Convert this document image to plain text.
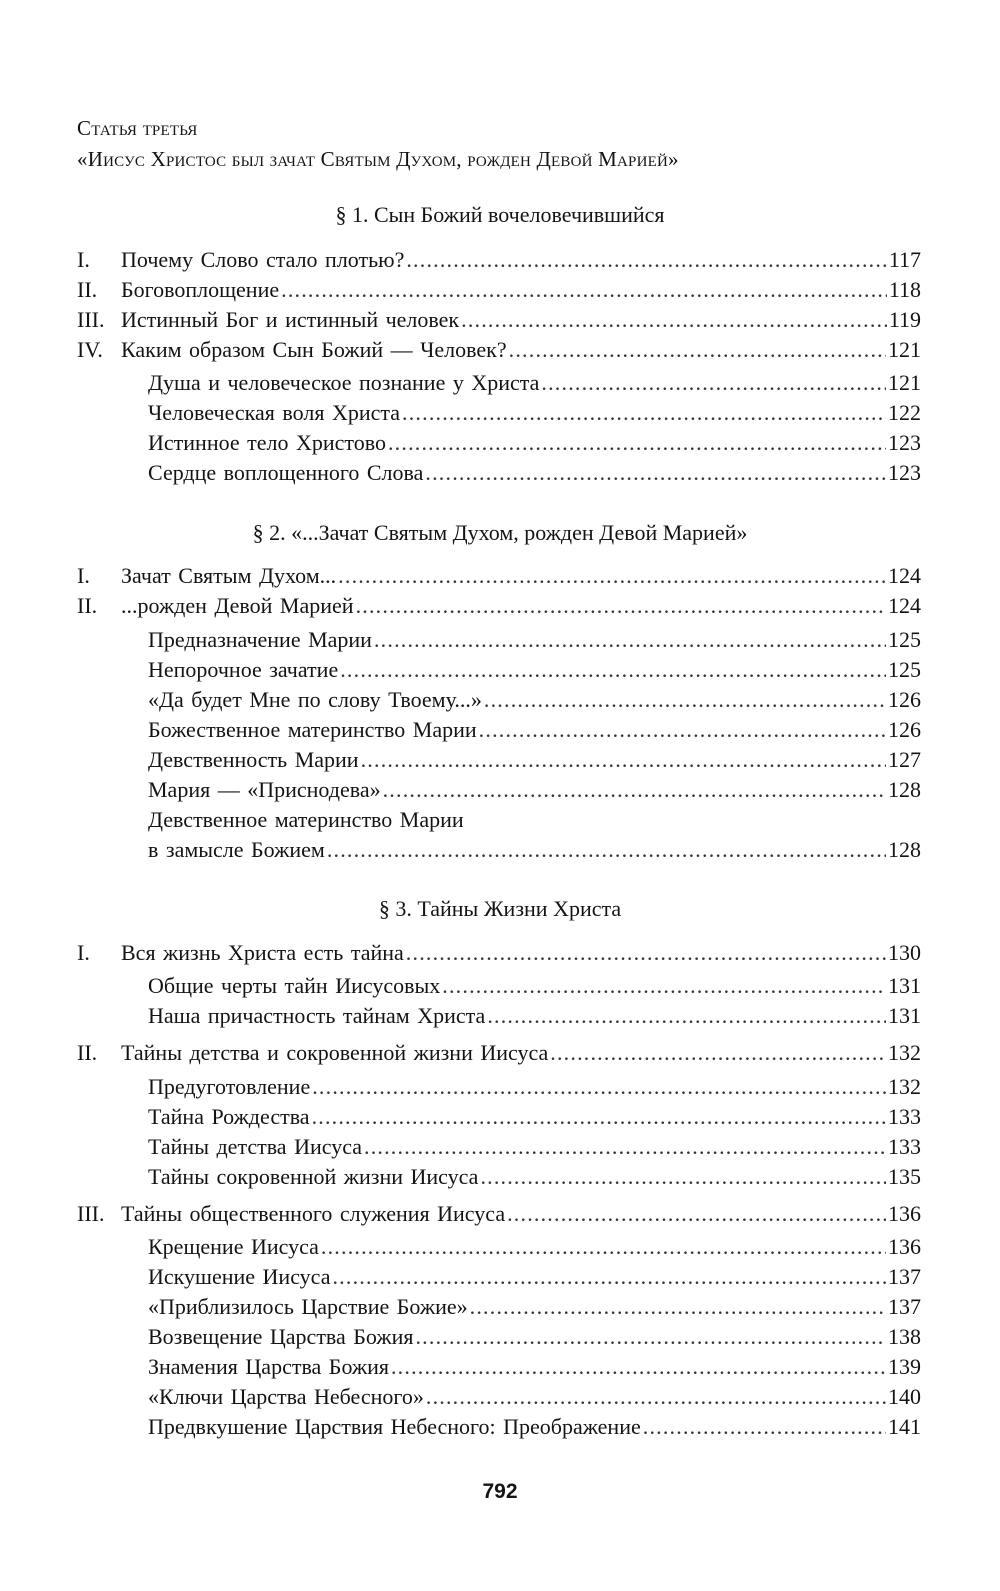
Статья третья
«Иисус Христос был зачат Святым Духом, рожден Девой Марией»
§ 1. Сын Божий вочеловечившийся
I.	Почему Слово стало плотью? .....	117
II.	Боговоплощение .....	118
III. Истинный Бог и истинный человек .....	119
IV. Каким образом Сын Божий — Человек? .....	121
Душа и человеческое познание у Христа .....	121
Человеческая воля Христа .....	122
Истинное тело Христово .....	123
Сердце воплощенного Слова .....	123
§ 2. «...Зачат Святым Духом, рожден Девой Марией»
I.	Зачат Святым Духом... .....	124
II.	...рожден Девой Марией .....	124
Предназначение Марии .....	125
Непорочное зачатие .....	125
«Да будет Мне по слову Твоему...» .....	126
Божественное материнство Марии .....	126
Девственность Марии .....	127
Мария — «Приснодева» .....	128
Девственное материнство Марии
в замысле Божием .....	128
§ 3. Тайны Жизни Христа
I.	Вся жизнь Христа есть тайна .....	130
Общие черты тайн Иисусовых .....	131
Наша причастность тайнам Христа .....	131
II.	Тайны детства и сокровенной жизни Иисуса .....	132
Предуготовление .....	132
Тайна Рождества .....	133
Тайны детства Иисуса .....	133
Тайны сокровенной жизни Иисуса .....	135
III. Тайны общественного служения Иисуса .....	136
Крещение Иисуса .....	136
Искушение Иисуса .....	137
«Приблизилось Царствие Божие» .....	137
Возвещение Царства Божия .....	138
Знамения Царства Божия .....	139
«Ключи Царства Небесного» .....	140
Предвкушение Царствия Небесного: Преображение .....	141
792
